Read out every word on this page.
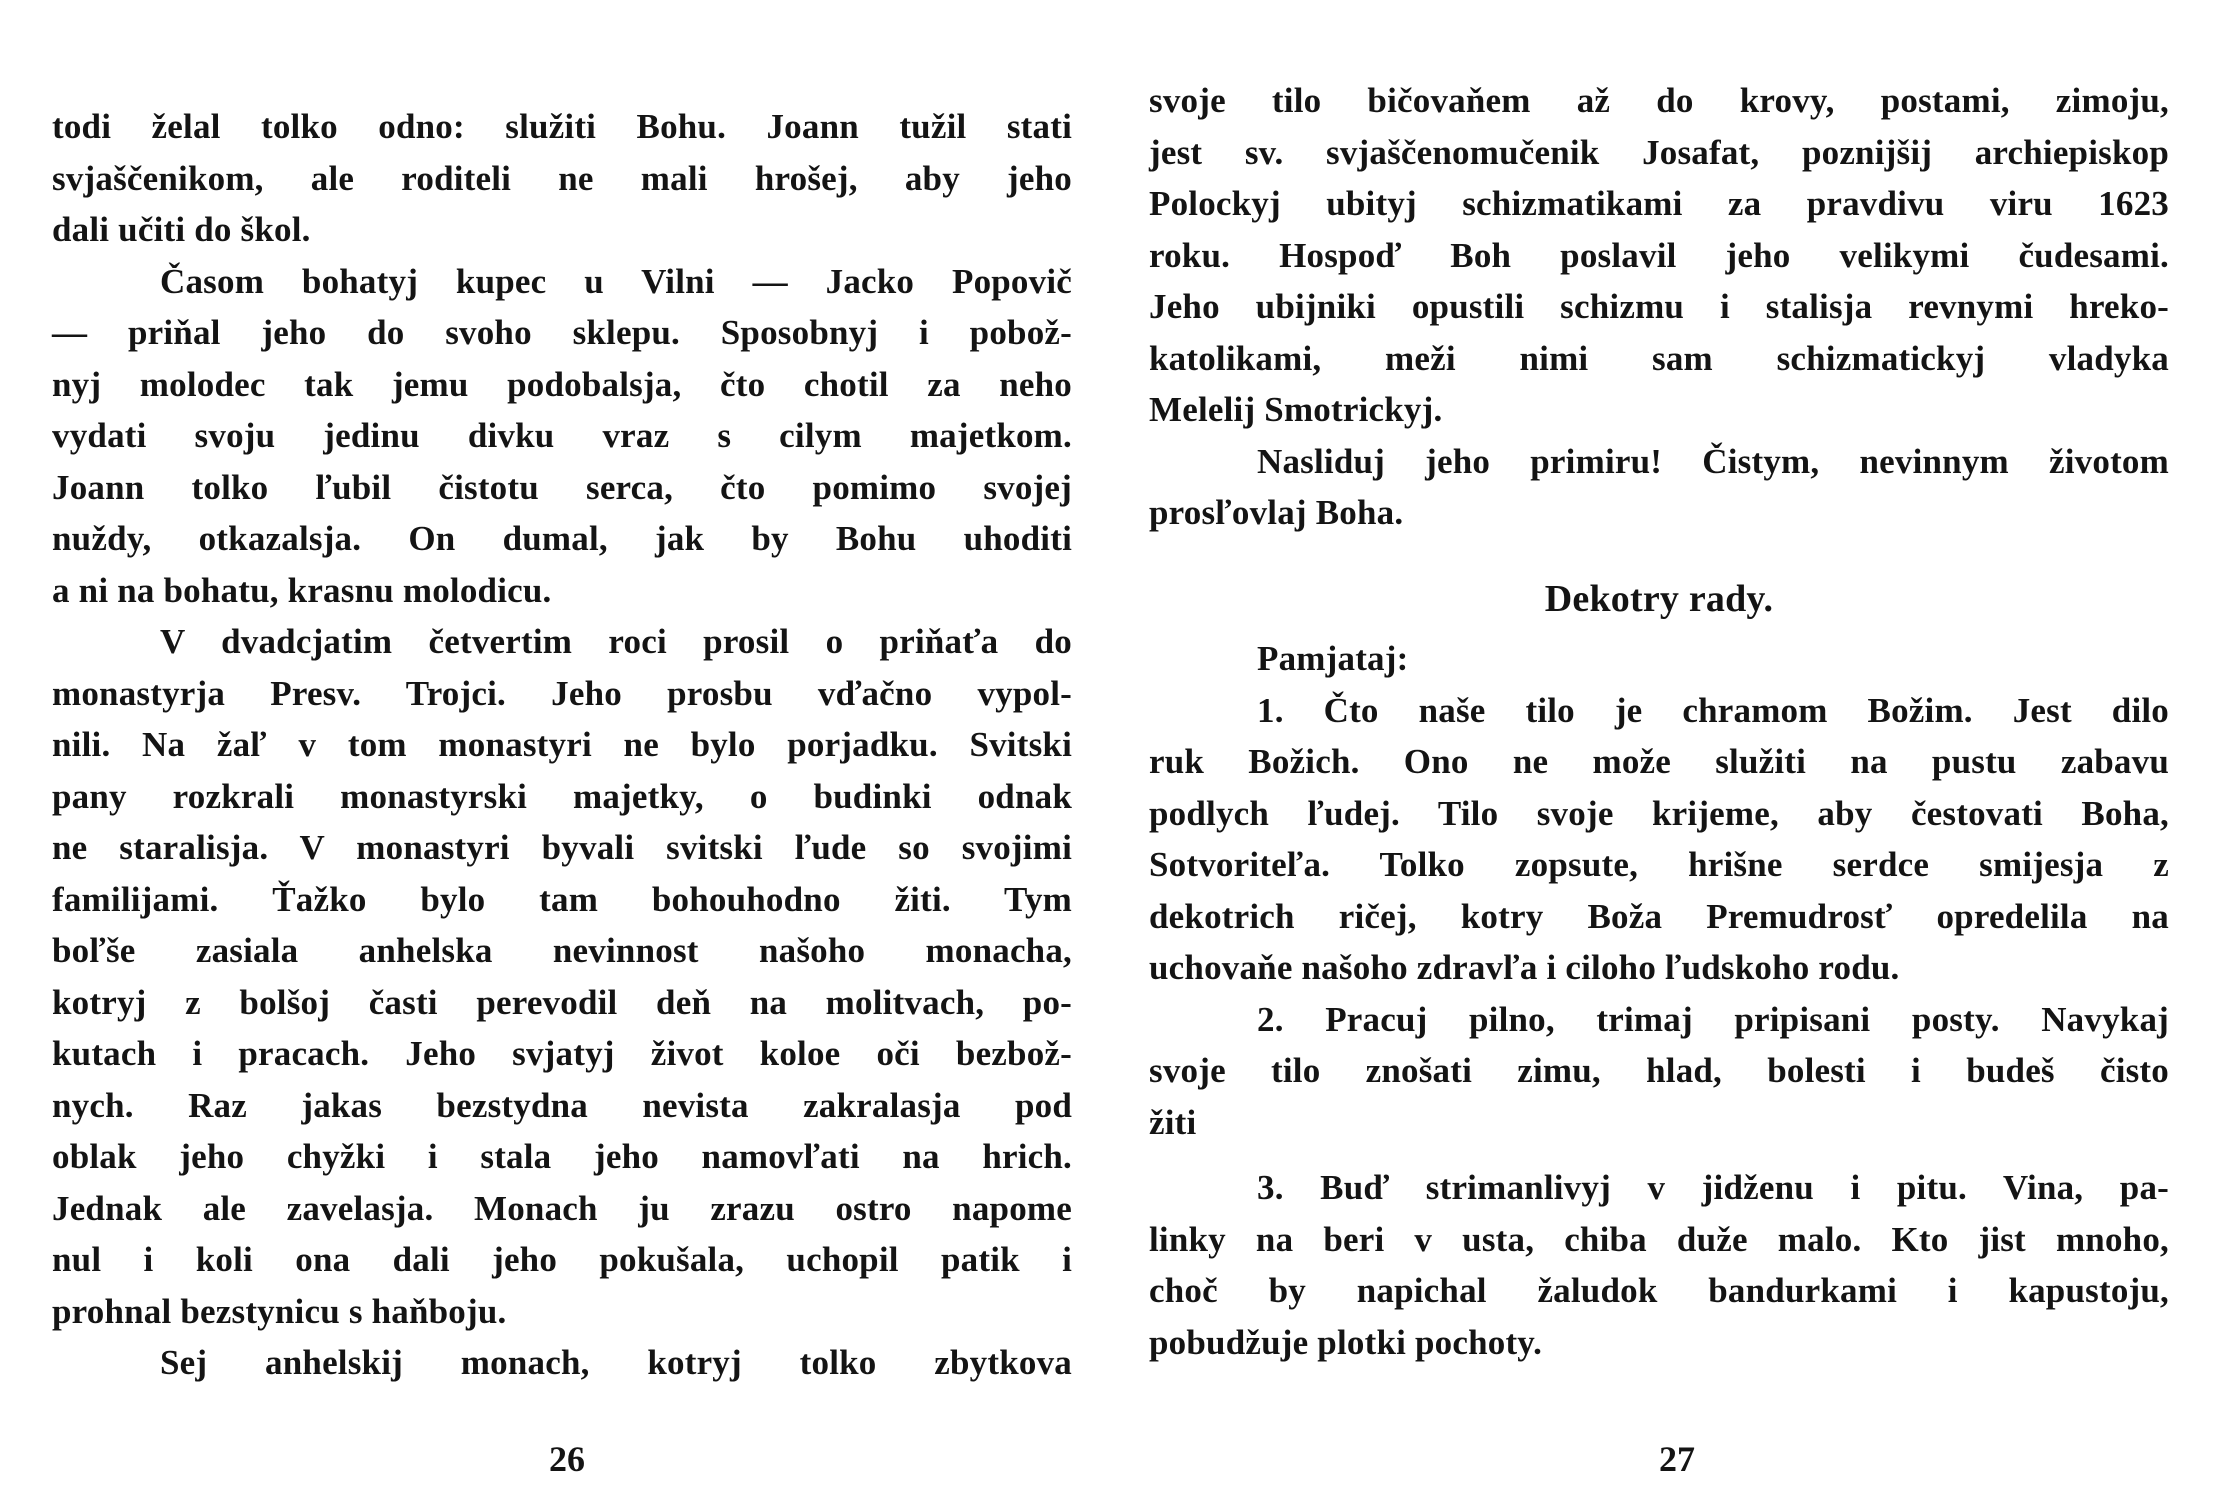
todi želal tolko odno: služiti Bohu. Joann tužil stati
svjaščenikom, ale roditeli ne mali hrošej, aby jeho
dali učiti do škol.
Časom bohatyj kupec u Vilni — Jacko Popovič
— priňal jeho do svoho sklepu. Sposobnyj i pobož-
nyj molodec tak jemu podobalsja, čto chotil za neho
vydati svoju jedinu divku vraz s cilym majetkom.
Joann tolko ľubil čistotu serca, čto pomimo svojej
nuždy, otkazalsja. On dumal, jak by Bohu uhoditi
a ni na bohatu, krasnu molodicu.
V dvadcjatim četvertim roci prosil o priňaťa do
monastyrja Presv. Trojci. Jeho prosbu vďačno vypol-
nili. Na žaľ v tom monastyri ne bylo porjadku. Svitski
pany rozkrali monastyrski majetky, o budinki odnak
ne staralisja. V monastyri byvali svitski ľude so svojimi
familijami. Ťažko bylo tam bohouhodno žiti. Tym
boľše zasiala anhelska nevinnost našoho monacha,
kotryj z bolšoj časti perevodil deň na molitvach, po-
kutach i pracach. Jeho svjatyj život koloe oči bezbož-
nych. Raz jakas bezstydna nevista zakralasja pod
oblak jeho chyžki i stala jeho namovľati na hrich.
Jednak ale zavelasja. Monach ju zrazu ostro napome
nul i koli ona dali jeho pokušala, uchopil patik i
prohnal bezstynicu s haňboju.
Sej anhelskij monach, kotryj tolko zbytkova
26
svoje tilo bičovaňem až do krovy, postami, zimoju,
jest sv. svjaščenomučenik Josafat, poznijšij archiepiskop
Polockyj ubityj schizmatikami za pravdivu viru 1623
roku. Hospoď Boh poslavil jeho velikymi čudesami.
Jeho ubijniki opustili schizmu i stalisja revnymi hreko-
katolikami, meži nimi sam schizmatickyj vladyka
Melelij Smotrickyj.
Nasliduj jeho primiru! Čistym, nevinnym životom
prosľovlaj Boha.
Dekotry rady.
Pamjataj:
1. Čto naše tilo je chramom Božim. Jest dilo
ruk Božich. Ono ne može služiti na pustu zabavu
podlych ľudej. Tilo svoje krijeme, aby čestovati Boha,
Sotvoriteľa. Tolko zopsute, hrišne serdce smijesja z
dekotrich ričej, kotry Boža Premudrosť opredelila na
uchovaňe našoho zdravľa i ciloho ľudskoho rodu.
2. Pracuj pilno, trimaj pripisani posty. Navykaj
svoje tilo znošati zimu, hlad, bolesti i budeš čisto
žiti
3. Buď strimanlivyj v jidženu i pitu. Vina, pa-
linky na beri v usta, chiba duže malo. Kto jist mnoho,
choč by napichal žaludok bandurkami i kapustoju,
pobudžuje plotki pochoty.
27
